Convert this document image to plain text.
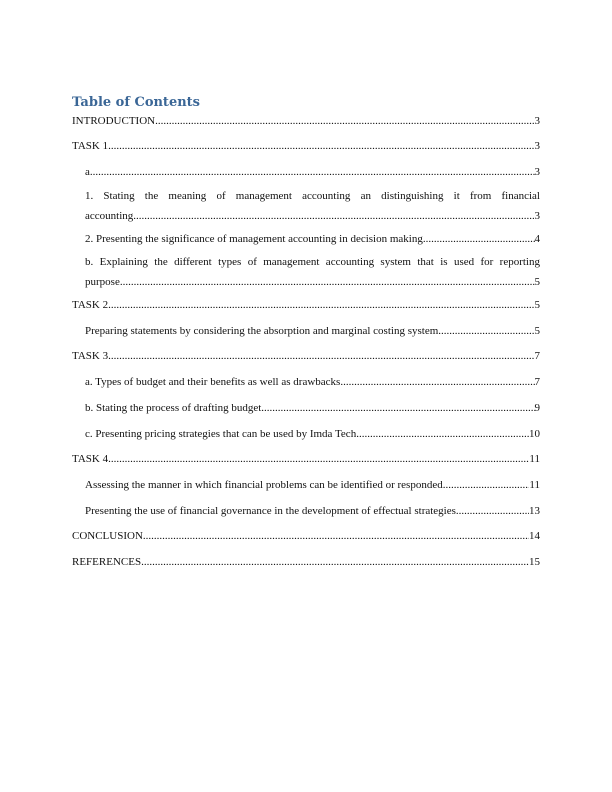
Table of Contents
INTRODUCTION .....	3
TASK 1 .....	3
a .....	3
1. Stating the meaning of management accounting an distinguishing it from financial
accounting .....	3
2. Presenting the significance of management accounting in decision making .....	4
b. Explaining the different types of management accounting system that is used for reporting
purpose .....	5
TASK 2 .....	5
Preparing statements by considering the absorption and marginal costing system .....	5
TASK 3 .....	7
a. Types of budget and their benefits as well as drawbacks .....	7
b. Stating the process of drafting budget .....	9
c. Presenting pricing strategies that can be used by Imda Tech .....	10
TASK 4 .....	11
Assessing the manner in which financial problems can be identified or responded .....	11
Presenting the use of financial governance in the development of effectual strategies .....	13
CONCLUSION .....	14
REFERENCES .....	15
